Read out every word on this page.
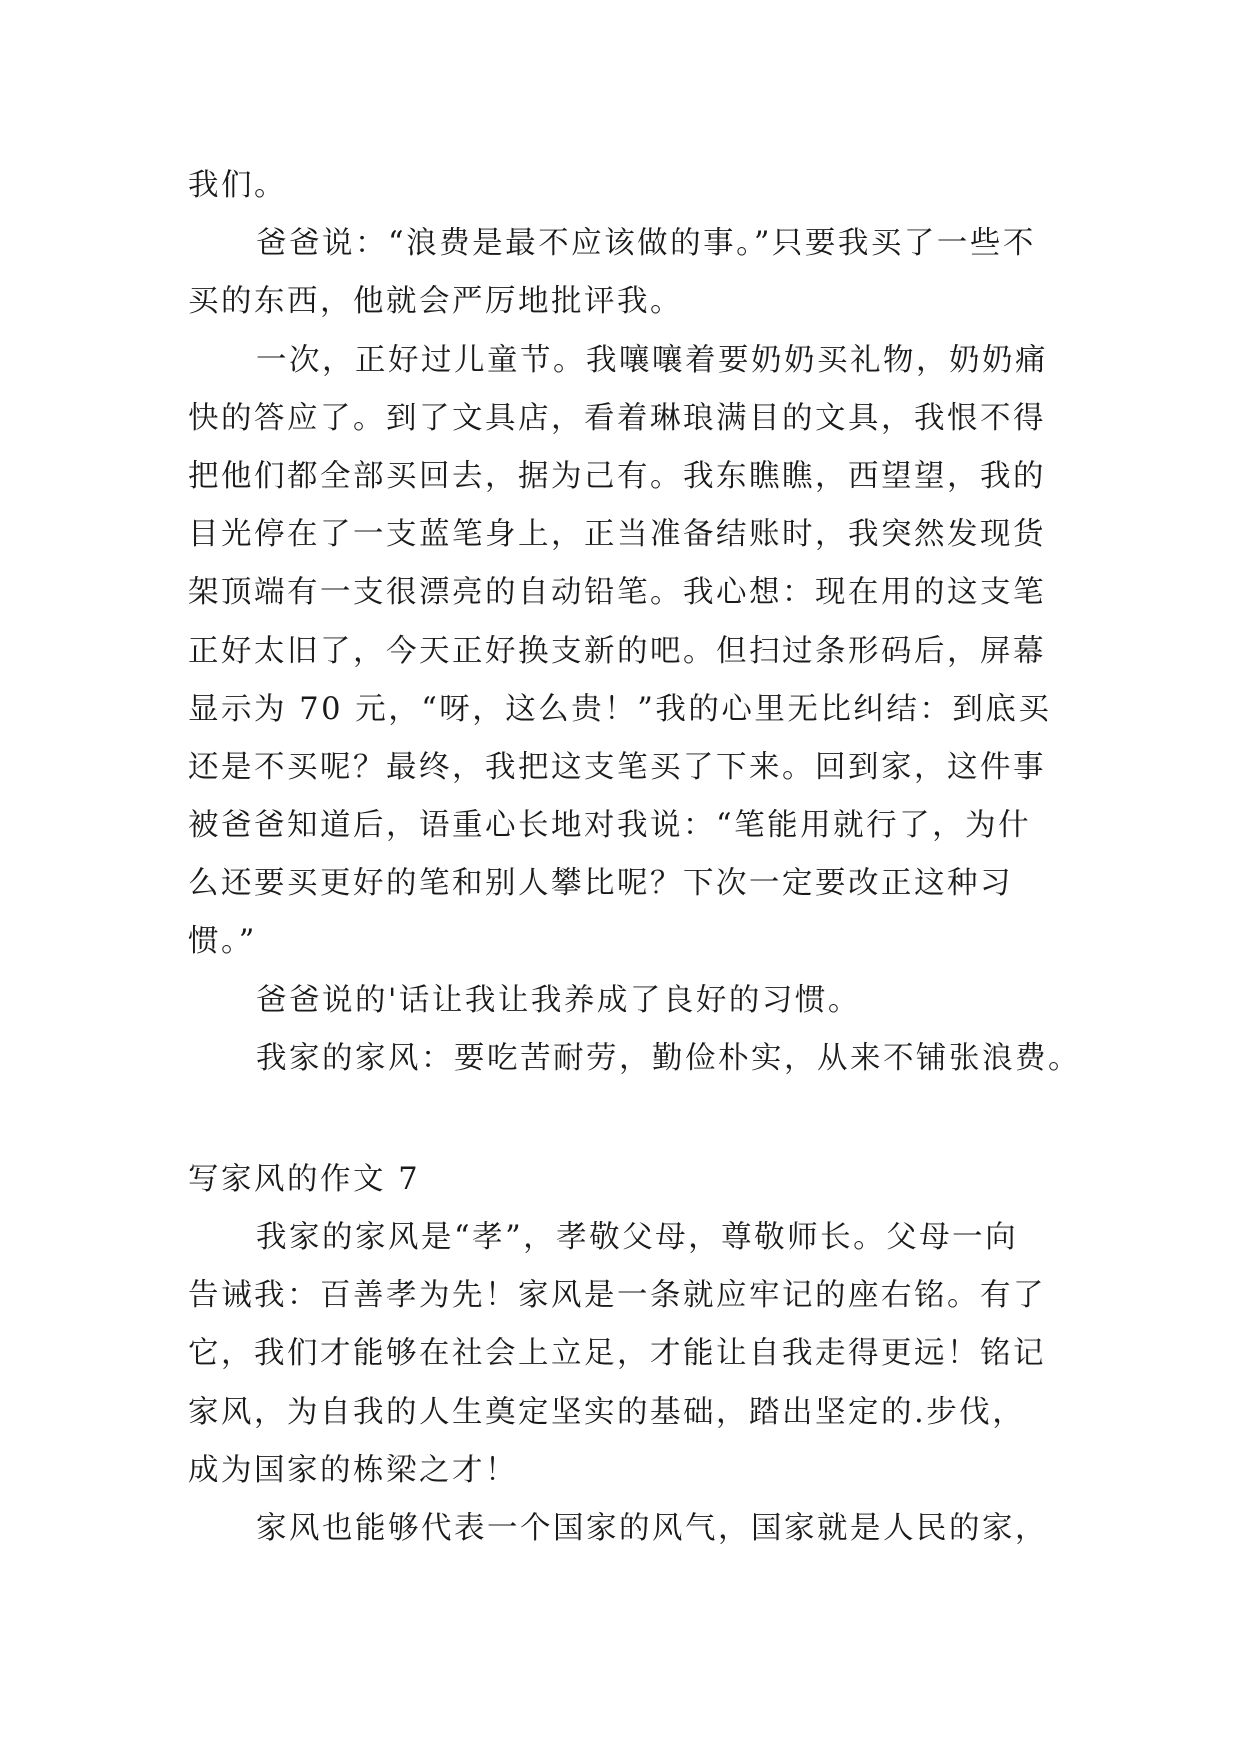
我们。
爸爸说：“浪费是最不应该做的事。”只要我买了一些不
买的东西，他就会严厉地批评我。
一次，正好过儿童节。我嚷嚷着要奶奶买礼物，奶奶痛
快的答应了。到了文具店，看着琳琅满目的文具，我恨不得
把他们都全部买回去，据为己有。我东瞧瞧，西望望，我的
目光停在了一支蓝笔身上，正当准备结账时，我突然发现货
架顶端有一支很漂亮的自动铅笔。我心想：现在用的这支笔
正好太旧了，今天正好换支新的吧。但扫过条形码后，屏幕
显示为 70 元，“呀，这么贵！”我的心里无比纠结：到底买
还是不买呢？最终，我把这支笔买了下来。回到家，这件事
被爸爸知道后，语重心长地对我说：“笔能用就行了，为什
么还要买更好的笔和别人攀比呢？下次一定要改正这种习
惯。”
爸爸说的'话让我让我养成了良好的习惯。
我家的家风：要吃苦耐劳，勤俭朴实，从来不铺张浪费。
写家风的作文 7
我家的家风是“孝”，孝敬父母，尊敬师长。父母一向
告诫我：百善孝为先！家风是一条就应牢记的座右铭。有了
它，我们才能够在社会上立足，才能让自我走得更远！铭记
家风，为自我的人生奠定坚实的基础，踏出坚定的.步伐，
成为国家的栋梁之才！
家风也能够代表一个国家的风气，国家就是人民的家，
